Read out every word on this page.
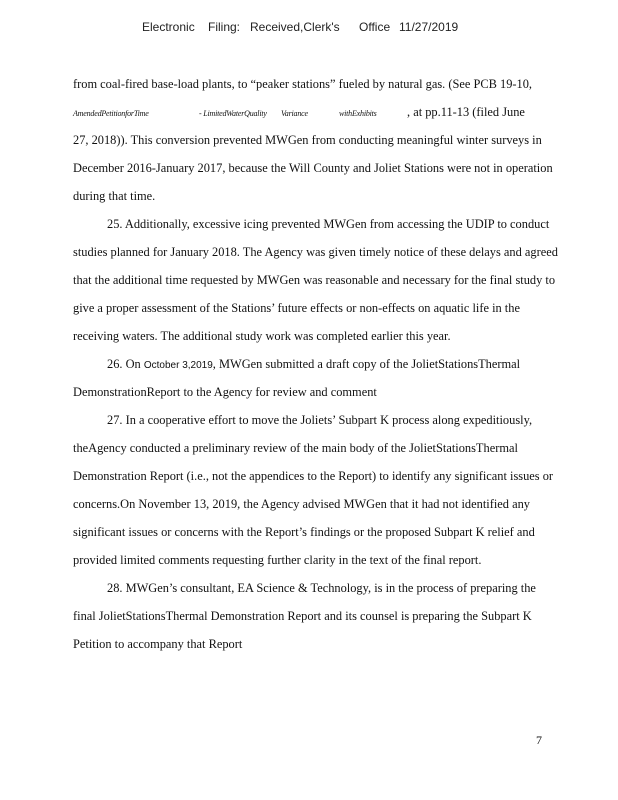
Electronic Filing: Received,Clerk's Office 11/27/2019
from coal-fired base-load plants, to “peaker stations” fueled by natural gas. (See PCB 19-10,
AmendedPetitionforTime	- LimitedWaterQuality Variance	withExhibits , at pp.11-13 (filed June
27, 2018)). This conversion prevented MWGen from conducting meaningful winter surveys in
December 2016-January 2017, because the Will County and Joliet Stations were not in operation
during that time.
25. Additionally, excessive icing prevented MWGen from accessing the UDIP to conduct
studies planned for January 2018. The Agency was given timely notice of these delays and agreed
that the additional time requested by MWGen was reasonable and necessary for the final study to
give a proper assessment of the Stations’ future effects or non-effects on aquatic life in the
receiving waters. The additional study work was completed earlier this year.
26. On October 3,2019, MWGen submitted a draft copy of the JolietStationsThermal
DemonstrationReport to the Agency for review and comment
27. In a cooperative effort to move the Joliets’ Subpart K process along expeditiously,
theAgency conducted a preliminary review of the main body of the JolietStationsThermal
Demonstration Report (i.e., not the appendices to the Report) to identify any significant issues or
concerns.On November 13, 2019, the Agency advised MWGen that it had not identified any
significant issues or concerns with the Report’s findings or the proposed Subpart K relief and
provided limited comments requesting further clarity in the text of the final report.
28. MWGen’s consultant, EA Science & Technology, is in the process of preparing the
final JolietStationsThermal Demonstration Report and its counsel is preparing the Subpart K
Petition to accompany that Report
7
